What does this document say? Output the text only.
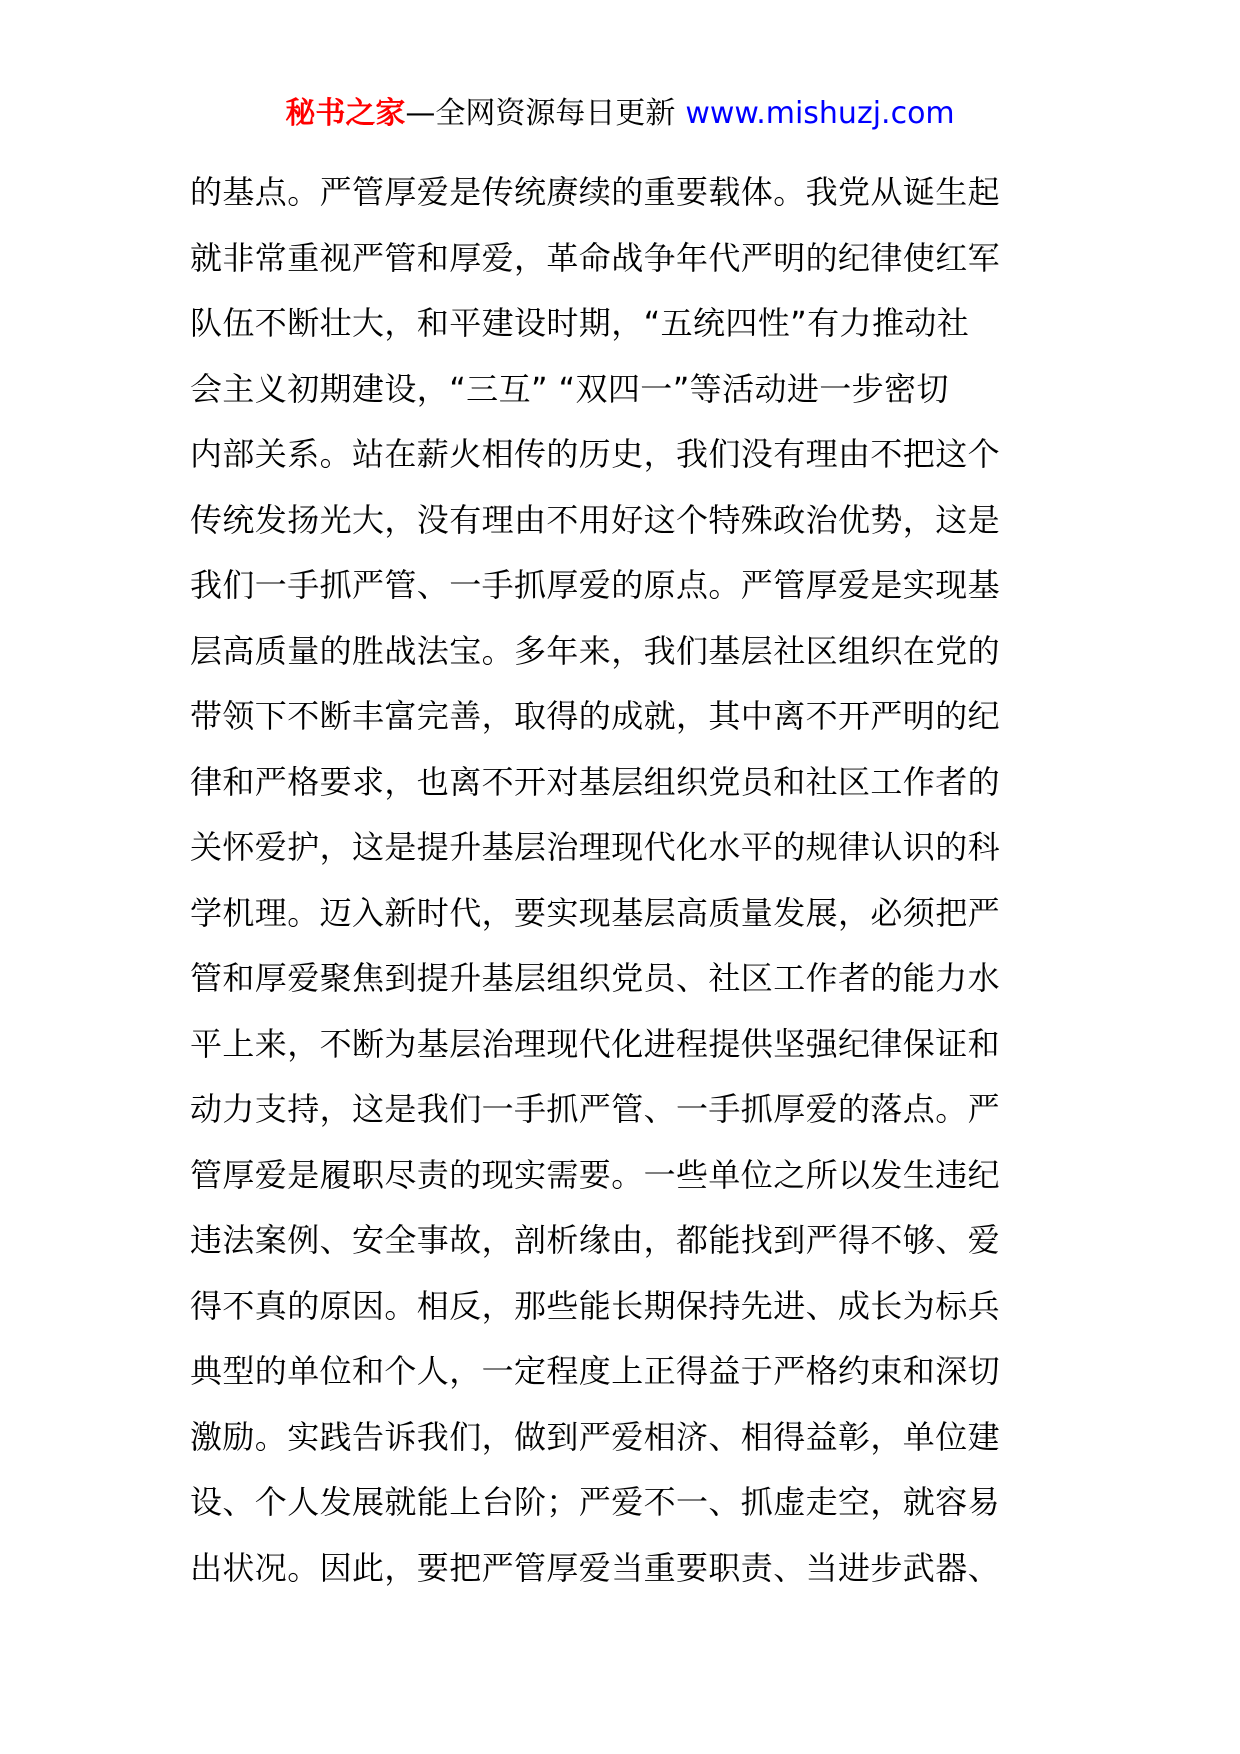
秘书之家—全网资源每日更新 www.mishuzj.com
的基点。严管厚爱是传统赓续的重要载体。我党从诞生起
就非常重视严管和厚爱，革命战争年代严明的纪律使红军
队伍不断壮大，和平建设时期，“五统四性”有力推动社
会主义初期建设，“三互” “双四一”等活动进一步密切
内部关系。站在薪火相传的历史，我们没有理由不把这个
传统发扬光大，没有理由不用好这个特殊政治优势，这是
我们一手抓严管、一手抓厚爱的原点。严管厚爱是实现基
层高质量的胜战法宝。多年来，我们基层社区组织在党的
带领下不断丰富完善，取得的成就，其中离不开严明的纪
律和严格要求，也离不开对基层组织党员和社区工作者的
关怀爱护，这是提升基层治理现代化水平的规律认识的科
学机理。迈入新时代，要实现基层高质量发展，必须把严
管和厚爱聚焦到提升基层组织党员、社区工作者的能力水
平上来，不断为基层治理现代化进程提供坚强纪律保证和
动力支持，这是我们一手抓严管、一手抓厚爱的落点。严
管厚爱是履职尽责的现实需要。一些单位之所以发生违纪
违法案例、安全事故，剖析缘由，都能找到严得不够、爱
得不真的原因。相反，那些能长期保持先进、成长为标兵
典型的单位和个人，一定程度上正得益于严格约束和深切
激励。实践告诉我们，做到严爱相济、相得益彰，单位建
设、个人发展就能上台阶；严爱不一、抓虚走空，就容易
出状况。因此，要把严管厚爱当重要职责、当进步武器、
